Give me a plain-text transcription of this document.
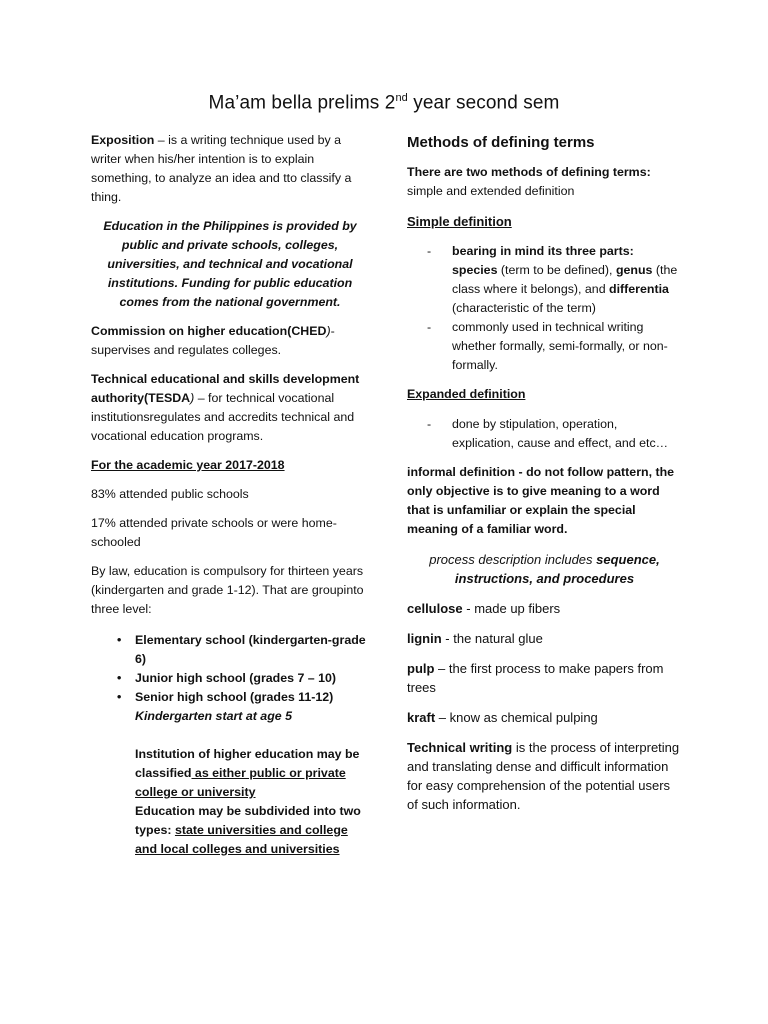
Ma’am bella prelims 2nd year second sem

Exposition – is a writing technique used by a writer when his/her intention is to explain something, to analyze an idea and tto classify a thing.

Education in the Philippines is provided by public and private schools, colleges, universities, and technical and vocational institutions. Funding for public education comes from the national government.

Commission on higher education(CHED)- supervises and regulates colleges.

Technical educational and skills development authority(TESDA) – for technical vocational institutionsregulates and accredits technical and vocational education programs.

For the academic year 2017-2018

83% attended public schools

17% attended private schools or were home-schooled

By law, education is compulsory for thirteen years (kindergarten and grade 1-12). That are groupinto three level:

• Elementary school (kindergarten-grade 6)
• Junior high school (grades 7 – 10)
• Senior high school (grades 11-12)
Kindergarten start at age 5
Institution of higher education may be classified as either public or private college or university
Education may be subdivided into two types: state universities and college and local colleges and universities
Methods of defining terms

There are two methods of defining terms:
simple and extended definition

Simple definition

- bearing in mind its three parts: species (term to be defined), genus (the class where it belongs), and differentia (characteristic of the term)
- commonly used in technical writing whether formally, semi-formally, or non-formally.

Expanded definition

- done by stipulation, operation, explication, cause and effect, and etc…

informal definition - do not follow pattern, the only objective is to give meaning to a word that is unfamiliar or explain the special meaning of a familiar word.

process description includes sequence, instructions, and procedures

cellulose - made up fibers

lignin - the natural glue

pulp – the first process to make papers from trees

kraft – know as chemical pulping

Technical writing is the process of interpreting and translating dense and difficult information for easy comprehension of the potential users of such information.
